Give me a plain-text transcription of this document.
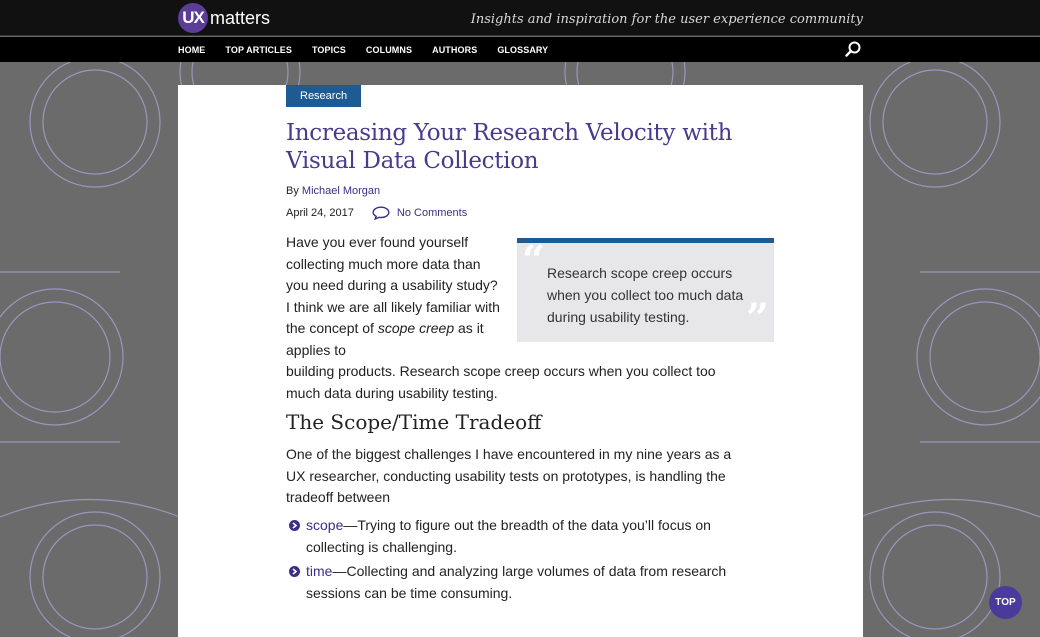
UX matters	Insights and inspiration for the user experience community
HOME TOP ARTICLES TOPICS COLUMNS AUTHORS GLOSSARY
Research
Increasing Your Research Velocity with Visual Data Collection
By Michael Morgan
April 24, 2017	No Comments

Have you ever found yourself collecting much more data than you need during a usability study? I think we are all likely familiar with the concept of scope creep as it applies to

building products. Research scope creep occurs when you collect too much data during usability testing.

“ Research scope creep occurs when you collect too much data during usability testing.	”
The Scope/Time Tradeoff

One of the biggest challenges I have encountered in my nine years as a UX researcher, conducting usability tests on prototypes, is handling the tradeoff between

scope—Trying to figure out the breadth of the data you’ll focus on collecting is challenging.
time—Collecting and analyzing large volumes of data from research sessions can be time consuming.
TOP
